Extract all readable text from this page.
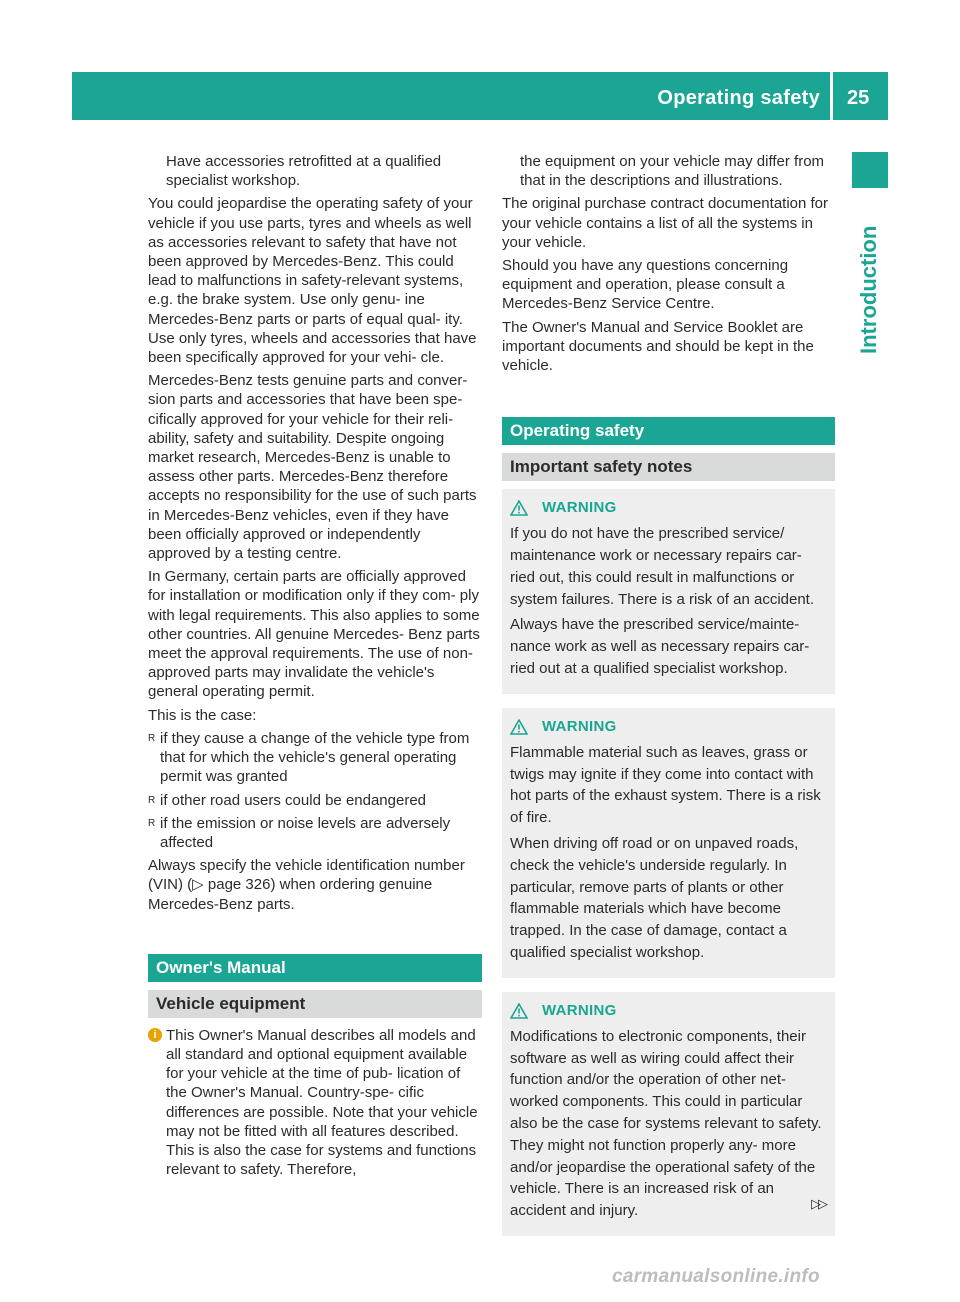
Operating safety 25
Introduction

Have accessories retrofitted at a qualified specialist workshop.

You could jeopardise the operating safety of your vehicle if you use parts, tyres and wheels as well as accessories relevant to safety that have not been approved by Mercedes-Benz. This could lead to malfunctions in safety-relevant systems, e.g. the brake system. Use only genu- ine Mercedes-Benz parts or parts of equal qual- ity. Use only tyres, wheels and accessories that have been specifically approved for your vehi- cle.

Mercedes-Benz tests genuine parts and conver- sion parts and accessories that have been spe- cifically approved for your vehicle for their reli- ability, safety and suitability. Despite ongoing market research, Mercedes-Benz is unable to assess other parts. Mercedes-Benz therefore accepts no responsibility for the use of such parts in Mercedes-Benz vehicles, even if they have been officially approved or independently approved by a testing centre.

In Germany, certain parts are officially approved for installation or modification only if they com- ply with legal requirements. This also applies to some other countries. All genuine Mercedes- Benz parts meet the approval requirements. The use of non-approved parts may invalidate the vehicle's general operating permit.

This is the case:

R if they cause a change of the vehicle type from that for which the vehicle's general operating permit was granted
R if other road users could be endangered
R if the emission or noise levels are adversely affected

Always specify the vehicle identification number (VIN) (▷ page 326) when ordering genuine Mercedes-Benz parts.

Owner's Manual
Vehicle equipment
i This Owner's Manual describes all models and all standard and optional equipment available for your vehicle at the time of pub- lication of the Owner's Manual. Country-spe- cific differences are possible. Note that your vehicle may not be fitted with all features described. This is also the case for systems and functions relevant to safety. Therefore,

the equipment on your vehicle may differ from that in the descriptions and illustrations.

The original purchase contract documentation for your vehicle contains a list of all the systems in your vehicle.

Should you have any questions concerning equipment and operation, please consult a Mercedes-Benz Service Centre.

The Owner's Manual and Service Booklet are important documents and should be kept in the vehicle.

Operating safety
Important safety notes
WARNING

If you do not have the prescribed service/ maintenance work or necessary repairs car- ried out, this could result in malfunctions or system failures. There is a risk of an accident.

Always have the prescribed service/mainte- nance work as well as necessary repairs car- ried out at a qualified specialist workshop.

WARNING

Flammable material such as leaves, grass or twigs may ignite if they come into contact with hot parts of the exhaust system. There is a risk of fire.

When driving off road or on unpaved roads, check the vehicle's underside regularly. In particular, remove parts of plants or other flammable materials which have become trapped. In the case of damage, contact a qualified specialist workshop.

WARNING

Modifications to electronic components, their software as well as wiring could affect their function and/or the operation of other net- worked components. This could in particular also be the case for systems relevant to safety. They might not function properly any- more and/or jeopardise the operational safety of the vehicle. There is an increased risk of an accident and injury.	▷▷
carmanualsonline.info
